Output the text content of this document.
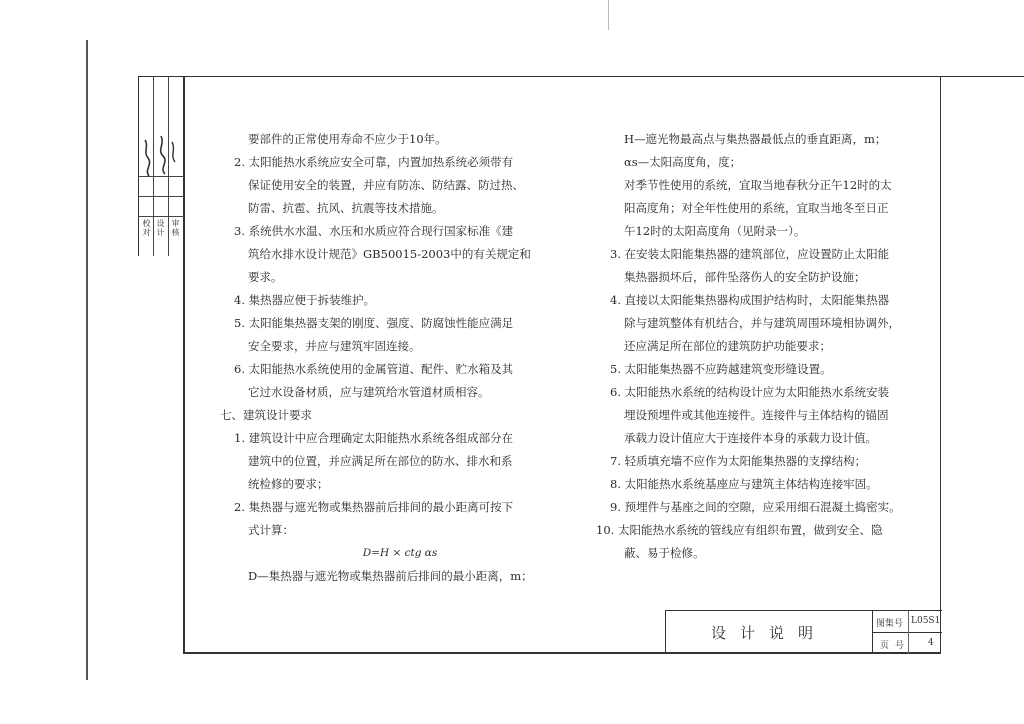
校对 设计 审核
要部件的正常使用寿命不应少于10年。
2. 太阳能热水系统应安全可靠，内置加热系统必须带有
保证使用安全的装置，并应有防冻、防结露、防过热、
防雷、抗雹、抗风、抗震等技术措施。
3. 系统供水水温、水压和水质应符合现行国家标准《建
筑给水排水设计规范》GB50015-2003中的有关规定和
要求。
4. 集热器应便于拆装维护。
5. 太阳能集热器支架的刚度、强度、防腐蚀性能应满足
安全要求，并应与建筑牢固连接。
6. 太阳能热水系统使用的金属管道、配件、贮水箱及其
它过水设备材质，应与建筑给水管道材质相容。
七、建筑设计要求
1. 建筑设计中应合理确定太阳能热水系统各组成部分在
建筑中的位置，并应满足所在部位的防水、排水和系
统检修的要求；
2. 集热器与遮光物或集热器前后排间的最小距离可按下
式计算：
D=H × ctg αs
D—集热器与遮光物或集热器前后排间的最小距离，m；
H—遮光物最高点与集热器最低点的垂直距离，m；
αs—太阳高度角，度；
对季节性使用的系统，宜取当地春秋分正午12时的太
阳高度角；对全年性使用的系统，宜取当地冬至日正
午12时的太阳高度角（见附录一）。
3. 在安装太阳能集热器的建筑部位，应设置防止太阳能
集热器损坏后，部件坠落伤人的安全防护设施；
4. 直接以太阳能集热器构成围护结构时，太阳能集热器
除与建筑整体有机结合，并与建筑周围环境相协调外，
还应满足所在部位的建筑防护功能要求；
5. 太阳能集热器不应跨越建筑变形缝设置。
6. 太阳能热水系统的结构设计应为太阳能热水系统安装
埋设预埋件或其他连接件。连接件与主体结构的锚固
承载力设计值应大于连接件本身的承载力设计值。
7. 轻质填充墙不应作为太阳能集热器的支撑结构；
8. 太阳能热水系统基座应与建筑主体结构连接牢固。
9. 预埋件与基座之间的空隙，应采用细石混凝土捣密实。
10. 太阳能热水系统的管线应有组织布置，做到安全、隐
蔽、易于检修。
设计说明	图集号 L05S1
页号 4
